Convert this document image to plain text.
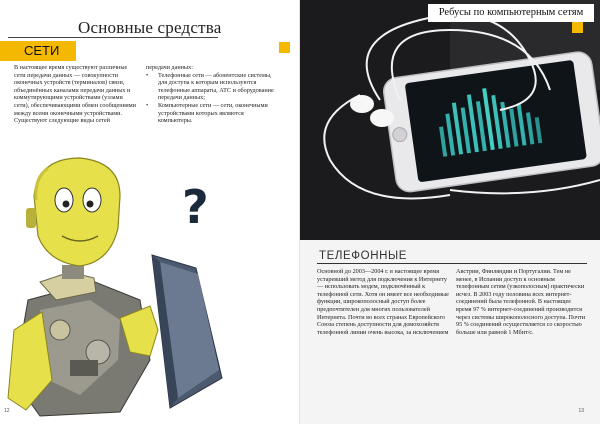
Основные средства
СЕТИ

В настоящее время существуют различные сети передачи данных — совокупности оконечных устройств (терминалов) связи, объединённых каналами передачи данных и коммутирующими устройствами (узлами сети), обеспечивающими обмен сообщениями между всеми оконечными устройствами. Существуют следующие виды сетей

передачи данных:

•	Телефонные сети — абонентские системы, для доступа к которым используются телефонные аппараты, АТС и оборудование передачи данных;
•	Компьютерные сети — сети, оконечными устройствами которых являются компьютеры.
?
12
Ребусы по компьютерным сетям
ТЕЛЕФОННЫЕ

Основной до 2003—2004 г. в настоящее время устаревший метод для подключения к Интернету — использовать модем, подключённый к телефонной сети. Хотя он имеет все необходимые функции, широкополосный доступ более предпочтителен для многих пользователей Интернета. Почти во всех странах Европейского Союза степень доступности для домохозяйств телефонной линии очень высока, за исключением

Австрии, Финляндии и Португалии. Тем не менее, в Испании доступ к основным телефонным сетям (узкополосным) практически исчез. В 2003 году половина всех интернет-соединений была телефонной. В настоящее время 97 % интернет-соединений производится через системы широкополосного доступа. Почти 95 % соединений осуществляется со скоростью больше или равной 1 Мбит/с.

13
